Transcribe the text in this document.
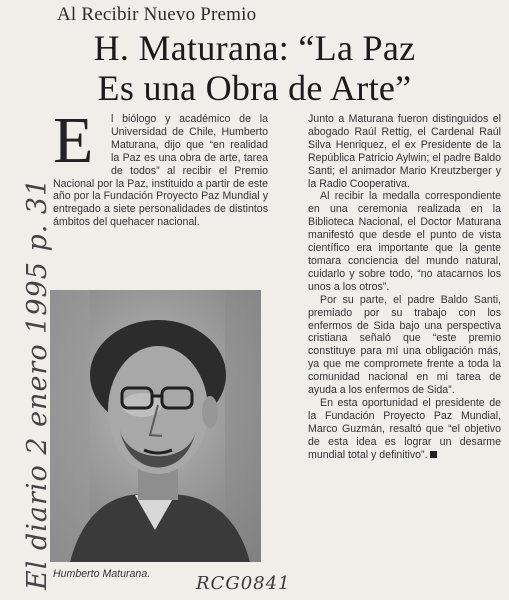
Al Recibir Nuevo Premio
H. Maturana: “La Paz
Es una Obra de Arte”
E	l biólogo y académico de la Universidad de Chile, Humberto Maturana, dijo que “en realidad la Paz es una obra de arte, tarea de todos” al recibir el Premio Nacional por la Paz, instituido a partir de este año por la Fundación Proyecto Paz Mundial y entregado a siete personalidades de distintos ámbitos del quehacer nacional.

Humberto Maturana.

Junto a Maturana fueron distinguidos el abogado Raúl Rettig, el Cardenal Raúl Silva Henriquez, el ex Presidente de la República Patricio Aylwin; el padre Baldo Santi; el animador Mario Kreutzberger y la Radio Cooperativa.

Al recibir la medalla correspondiente en una ceremonia realizada en la Biblioteca Nacional, el Doctor Maturana manifestó que desde el punto de vista científico era importante que la gente tomara conciencia del mundo natural, cuidarlo y sobre todo, “no atacarnos los unos a los otros”.

Por su parte, el padre Baldo Santi, premiado por su trabajo con los enfermos de Sida bajo una perspectiva cristiana señaló que “este premio constituye para mí una obligación más, ya que me compromete frente a toda la comunidad nacional en mi tarea de ayuda a los enfermos de Sida”.

En esta oportunidad el presidente de la Fundación Proyecto Paz Mundial, Marco Guzmán, resaltó que “el objetivo de esta idea es lograr un desarme mundial total y definitivo”.

El diario 2 enero 1995 p. 31	RCG0841
